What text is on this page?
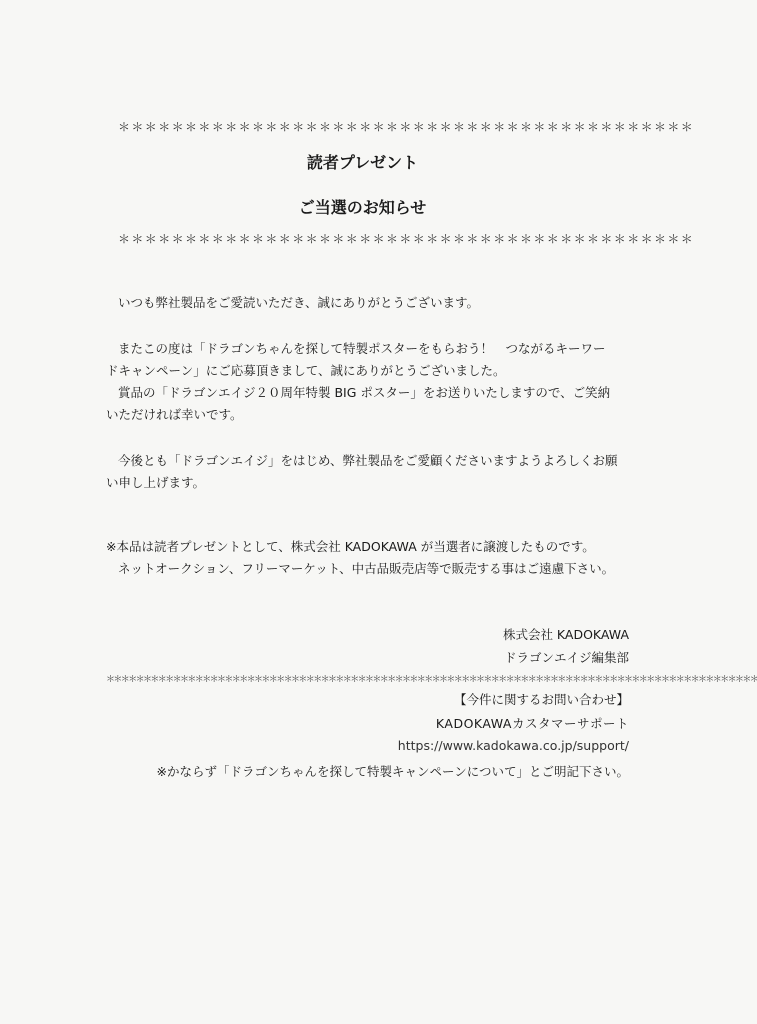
＊＊＊＊＊＊＊＊＊＊＊＊＊＊＊＊＊＊＊＊＊＊＊＊＊＊＊＊＊＊＊＊＊＊＊＊＊＊＊＊＊＊＊
読者プレゼント
ご当選のお知らせ
＊＊＊＊＊＊＊＊＊＊＊＊＊＊＊＊＊＊＊＊＊＊＊＊＊＊＊＊＊＊＊＊＊＊＊＊＊＊＊＊＊＊＊

いつも弊社製品をご愛読いただき、誠にありがとうございます。

またこの度は「ドラゴンちゃんを探して特製ポスターをもらおう！　つながるキーワー
ドキャンペーン」にご応募頂きまして、誠にありがとうございました。
賞品の「ドラゴンエイジ２０周年特製 BIG ポスター」をお送りいたしますので、ご笑納
いただければ幸いです。

今後とも「ドラゴンエイジ」をはじめ、弊社製品をご愛顧くださいますようよろしくお願
い申し上げます。

※本品は読者プレゼントとして、株式会社 KADOKAWA が当選者に譲渡したものです。
ネットオークション、フリーマーケット、中古品販売店等で販売する事はご遠慮下さい。

株式会社 KADOKAWA
ドラゴンエイジ編集部
＊＊＊＊＊＊＊＊＊＊＊＊＊＊＊＊＊＊＊＊＊＊＊＊＊＊＊＊＊＊＊＊＊＊＊＊＊＊＊＊＊＊＊＊＊＊＊＊＊＊＊＊＊＊＊＊＊＊＊＊＊＊＊＊＊＊＊＊＊＊＊＊＊＊＊＊＊＊＊＊＊＊＊＊＊＊＊＊
【今件に関するお問い合わせ】
KADOKAWAカスタマーサポート
https://www.kadokawa.co.jp/support/
※かならず「ドラゴンちゃんを探して特製キャンペーンについて」とご明記下さい。
